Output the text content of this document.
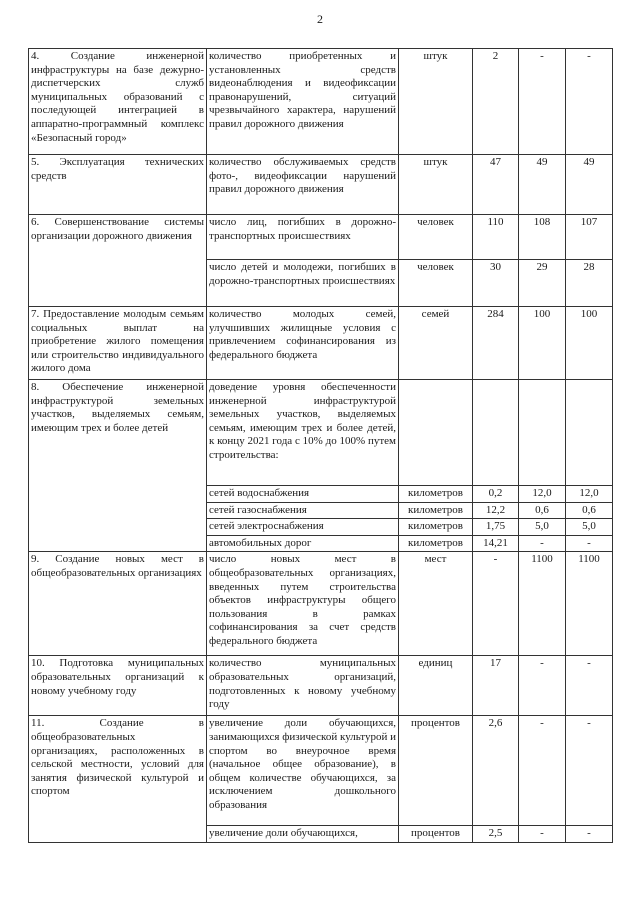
2
4. Создание инженерной инфраструктуры на базе дежурно-диспетчерских служб муниципальных образований с последующей интеграцией в аппаратно-программный комплекс «Безопасный город»	количество приобретенных и установленных средств видеонаблюдения и видеофиксации правонарушений, ситуаций чрезвычайного характера, нарушений правил дорожного движения	штук	2	-	-
5. Эксплуатация технических средств	количество обслуживаемых средств фото-, видеофиксации нарушений правил дорожного движения	штук	47	49	49
6. Совершенствование системы организации дорожного движения	число лиц, погибших в дорожно-транспортных происшествиях	человек	110	108	107
	число детей и молодежи, погибших в дорожно-транспортных происшествиях	человек	30	29	28
7. Предоставление молодым семьям социальных выплат на приобретение жилого помещения или строительство индивидуального жилого дома	количество молодых семей, улучшивших жилищные условия с привлечением софинансирования из федерального бюджета	семей	284	100	100
8. Обеспечение инженерной инфраструктурой земельных участков, выделяемых семьям, имеющим трех и более детей	доведение уровня обеспеченности инженерной инфраструктурой земельных участков, выделяемых семьям, имеющим трех и более детей, к концу 2021 года с 10% до 100% путем строительства:				
	сетей водоснабжения	километров	0,2	12,0	12,0
	сетей газоснабжения	километров	12,2	0,6	0,6
	сетей электроснабжения	километров	1,75	5,0	5,0
	автомобильных дорог	километров	14,21	-	-
9. Создание новых мест в общеобразовательных организациях	число новых мест в общеобразовательных организациях, введенных путем строительства объектов инфраструктуры общего пользования в рамках софинансирования за счет средств федерального бюджета	мест	-	1100	1100
10. Подготовка муниципальных образовательных организаций к новому учебному году	количество муниципальных образовательных организаций, подготовленных к новому учебному году	единиц	17	-	-
11. Создание в общеобразовательных организациях, расположенных в сельской местности, условий для занятия физической культурой и спортом	увеличение доли обучающихся, занимающихся физической культурой и спортом во внеурочное время (начальное общее образование), в общем количестве обучающихся, за исключением дошкольного образования	процентов	2,6	-	-
	увеличение доли обучающихся,	процентов	2,5	-	-
